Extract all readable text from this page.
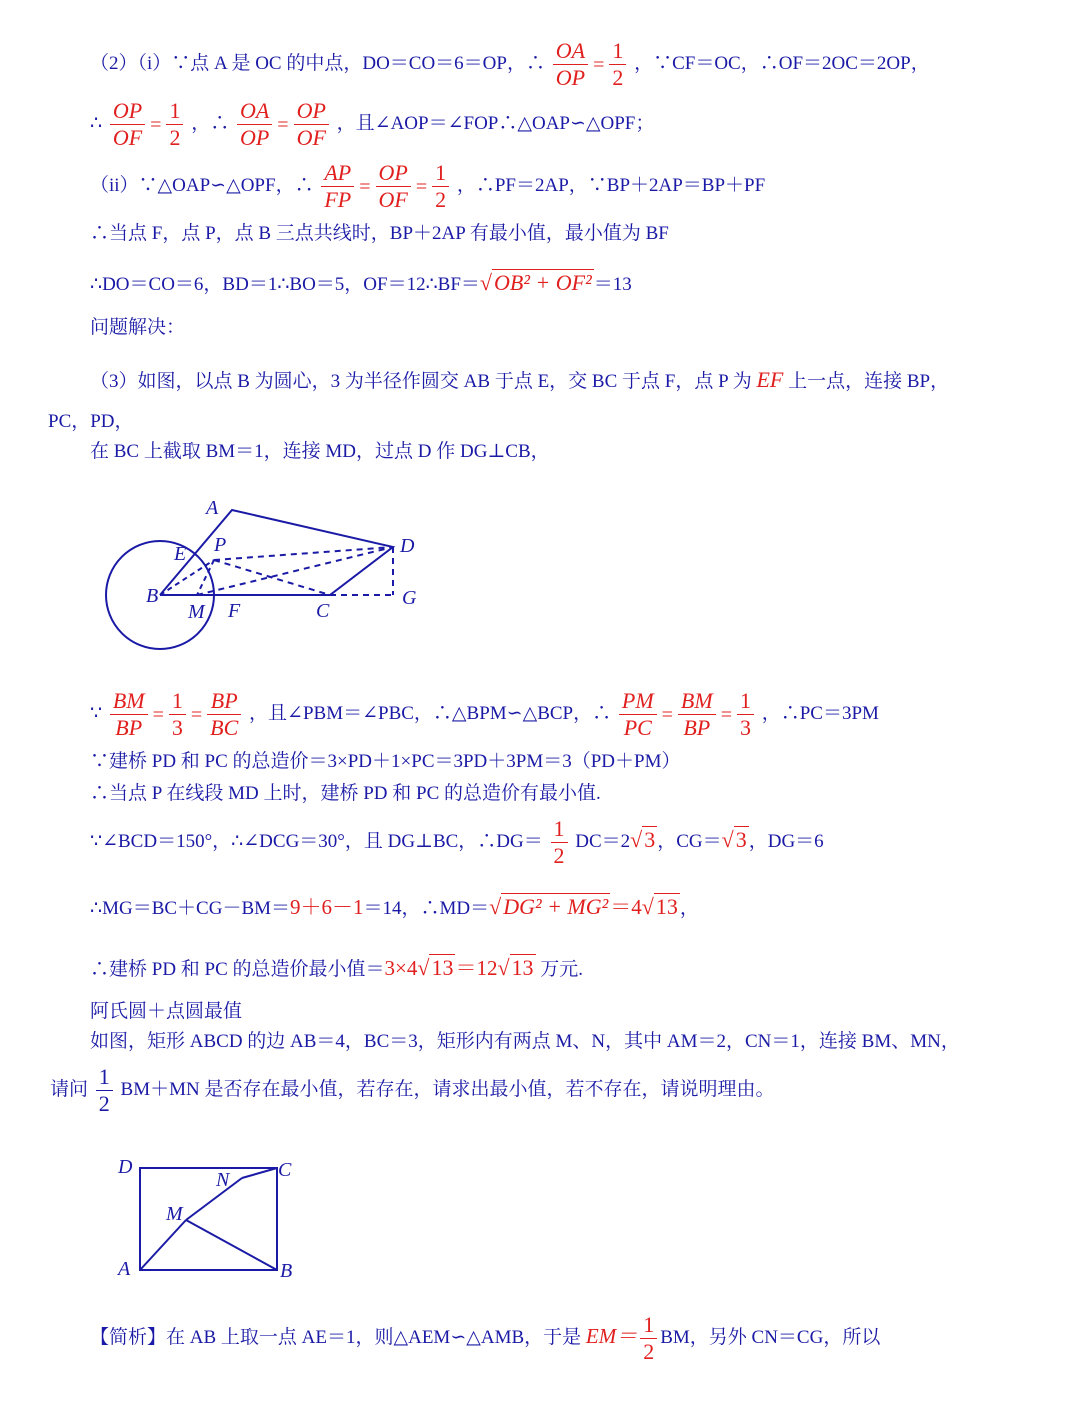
（2）（i）∵点 A 是 OC 的中点，DO＝CO＝6＝OP，∴ $\frac{OA}{OP} = \frac{1}{2}$ ，∵CF＝OC，∴OF＝2OC＝2OP，
∴ $\frac{OP}{OF} = \frac{1}{2}$ ，∴ $\frac{OA}{OP} = \frac{OP}{OF}$ ，且∠AOP＝∠FOP∴△OAP∽△OPF；
（ii）∵△OAP∽△OPF，∴ $\frac{AP}{FP} = \frac{OP}{OF} = \frac{1}{2}$ ，∴PF＝2AP，∵BP＋2AP＝BP＋PF
∴当点 F，点 P，点 B 三点共线时，BP＋2AP 有最小值，最小值为 BF
∴DO＝CO＝6，BD＝1∴BO＝5，OF＝12∴BF＝√OB² + OF² ＝13
问题解决：
（3）如图，以点 B 为圆心，3 为半径作圆交 AB 于点 E，交 BC 于点 F，点 P 为 EF 上一点，连接 BP，
PC，PD，
在 BC 上截取 BM＝1，连接 MD，过点 D 作 DG⊥CB，
A
D
E P
B
M F	C
G
∵ $\frac{BM}{BP} = \frac{1}{3} = \frac{BP}{BC}$ ，且∠PBM＝∠PBC，∴△BPM∽△BCP，∴ $\frac{PM}{PC} = \frac{BM}{BP} = \frac{1}{3}$ ，∴PC＝3PM
∵建桥 PD 和 PC 的总造价＝3×PD＋1×PC＝3PD＋3PM＝3（PD＋PM）
∴当点 P 在线段 MD 上时，建桥 PD 和 PC 的总造价有最小值.
∵∠BCD＝150°，∴∠DCG＝30°，且 DG⊥BC，∴DG＝ $\frac{1}{2} DC=2√3$ ，CG＝√3 ，DG＝6
∴MG＝BC＋CG－BM＝9＋6－1＝14，∴MD＝√DG² + MG²＝4√13 ，
∴建桥 PD 和 PC 的总造价最小值＝3×4√13＝12√13 万元.
阿氏圆＋点圆最值
如图，矩形 ABCD 的边 AB＝4，BC＝3，矩形内有两点 M、N，其中 AM＝2，CN＝1，连接 BM、MN，
请问 $\frac{1}{2} BM+MN$ 是否存在最小值，若存在，请求出最小值，若不存在，请说明理由。
D	C
N
M
A	B
【简析】在 AB 上取一点 AE＝1，则△AEM∽△AMB，于是 $EM= \frac{1}{2}$ BM，另外 CN＝CG，所以
